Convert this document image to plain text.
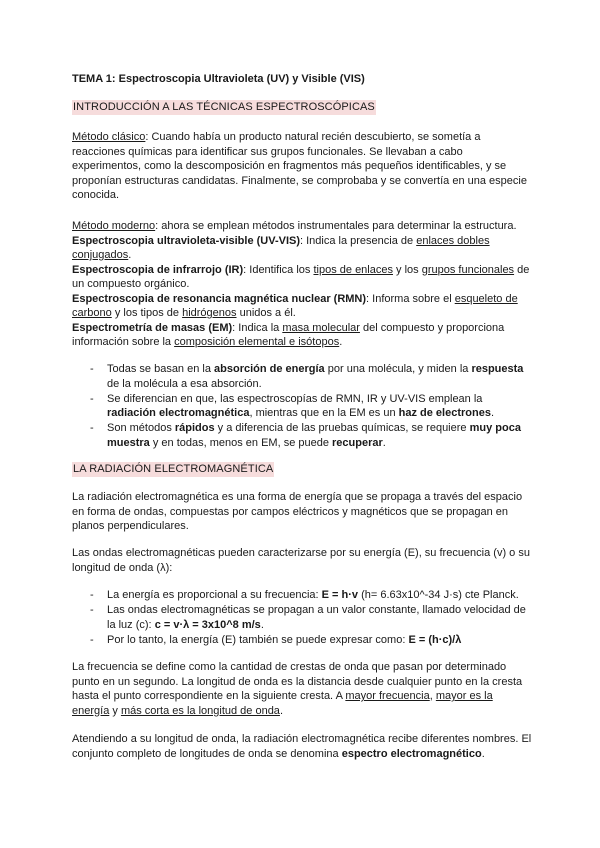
TEMA 1: Espectroscopia Ultravioleta (UV) y Visible (VIS)
INTRODUCCIÓN A LAS TÉCNICAS ESPECTROSCÓPICAS
Método clásico: Cuando había un producto natural recién descubierto, se sometía a reacciones químicas para identificar sus grupos funcionales. Se llevaban a cabo experimentos, como la descomposición en fragmentos más pequeños identificables, y se proponían estructuras candidatas. Finalmente, se comprobaba y se convertía en una especie conocida.
Método moderno: ahora se emplean métodos instrumentales para determinar la estructura.
Espectroscopia ultravioleta-visible (UV-VIS): Indica la presencia de enlaces dobles conjugados.
Espectroscopia de infrarrojo (IR): Identifica los tipos de enlaces y los grupos funcionales de un compuesto orgánico.
Espectroscopia de resonancia magnética nuclear (RMN): Informa sobre el esqueleto de carbono y los tipos de hidrógenos unidos a él.
Espectrometría de masas (EM): Indica la masa molecular del compuesto y proporciona información sobre la composición elemental e isótopos.
- Todas se basan en la absorción de energía por una molécula, y miden la respuesta de la molécula a esa absorción.
- Se diferencian en que, las espectroscopías de RMN, IR y UV-VIS emplean la radiación electromagnética, mientras que en la EM es un haz de electrones.
- Son métodos rápidos y a diferencia de las pruebas químicas, se requiere muy poca muestra y en todas, menos en EM, se puede recuperar.
LA RADIACIÓN ELECTROMAGNÉTICA
La radiación electromagnética es una forma de energía que se propaga a través del espacio en forma de ondas, compuestas por campos eléctricos y magnéticos que se propagan en planos perpendiculares.
Las ondas electromagnéticas pueden caracterizarse por su energía (E), su frecuencia (v) o su longitud de onda (λ):
- La energía es proporcional a su frecuencia: E = h·v (h= 6.63x10^-34 J·s) cte Planck.
- Las ondas electromagnéticas se propagan a un valor constante, llamado velocidad de la luz (c): c = v·λ = 3x10^8 m/s.
- Por lo tanto, la energía (E) también se puede expresar como: E = (h·c)/λ
La frecuencia se define como la cantidad de crestas de onda que pasan por determinado punto en un segundo. La longitud de onda es la distancia desde cualquier punto en la cresta hasta el punto correspondiente en la siguiente cresta. A mayor frecuencia, mayor es la energía y más corta es la longitud de onda.
Atendiendo a su longitud de onda, la radiación electromagnética recibe diferentes nombres. El conjunto completo de longitudes de onda se denomina espectro electromagnético.
